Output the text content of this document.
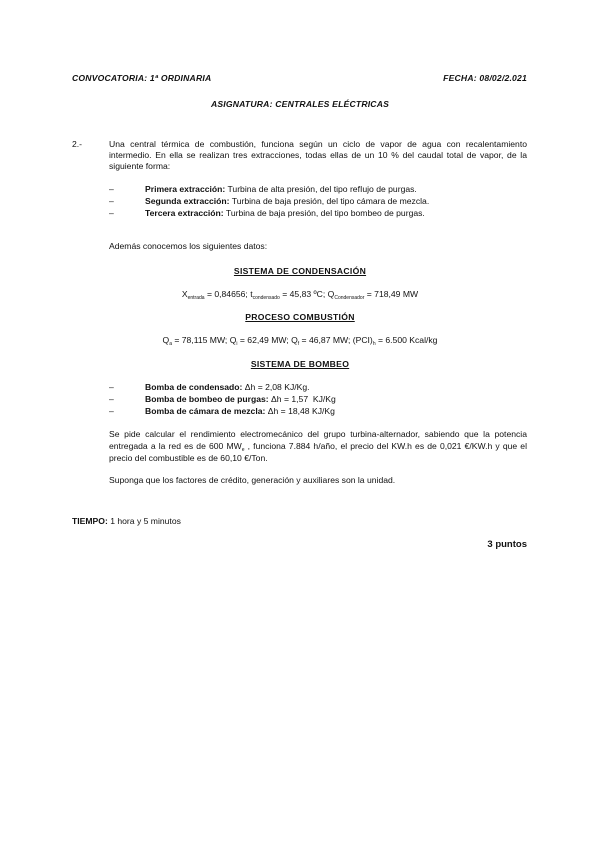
CONVOCATORIA: 1ª ORDINARIA	FECHA: 08/02/2.021
ASIGNATURA: CENTRALES ELÉCTRICAS
2.-	Una central térmica de combustión, funciona según un ciclo de vapor de agua con recalentamiento intermedio. En ella se realizan tres extracciones, todas ellas de un 10 % del caudal total de vapor, de la siguiente forma:
–	Primera extracción: Turbina de alta presión, del tipo refIujo de purgas.
–	Segunda extracción: Turbina de baja presión, del tipo cámara de mezcla.
–	Tercera extracción: Turbina de baja presión, del tipo bombeo de purgas.
Además conocemos los siguientes datos:
SISTEMA DE CONDENSACIÓN
$X_{entrada} = 0,84656$; $t_{condensado} = 45,83$ ºC; $Q_{Condensador} = 718,49$ MW
PROCESO COMBUSTIÓN
$Q_a = 78,115$ MW; $Q_i = 62,49$ MW; $Q_f = 46,87$ MW; $(PCI)_h = 6.500$ Kcal/kg
SISTEMA DE BOMBEO
–	Bomba de condensado: Δh = 2,08 KJ/Kg.
–	Bomba de bombeo de purgas: Δh = 1,57  KJ/Kg
–	Bomba de cámara de mezcla: Δh = 18,48 KJ/Kg
Se pide calcular el rendimiento electromecánico del grupo turbina-alternador, sabiendo que la potencia entregada a la red es de 600 $MW_e$ , funciona 7.884 h/año, el precio del KW.h es de 0,021 €/KW.h y que el precio del combustible es de 60,10 €/Ton.
Suponga que los factores de crédito, generación y auxiliares son la unidad.
TIEMPO: 1 hora y 5 minutos
3 puntos
